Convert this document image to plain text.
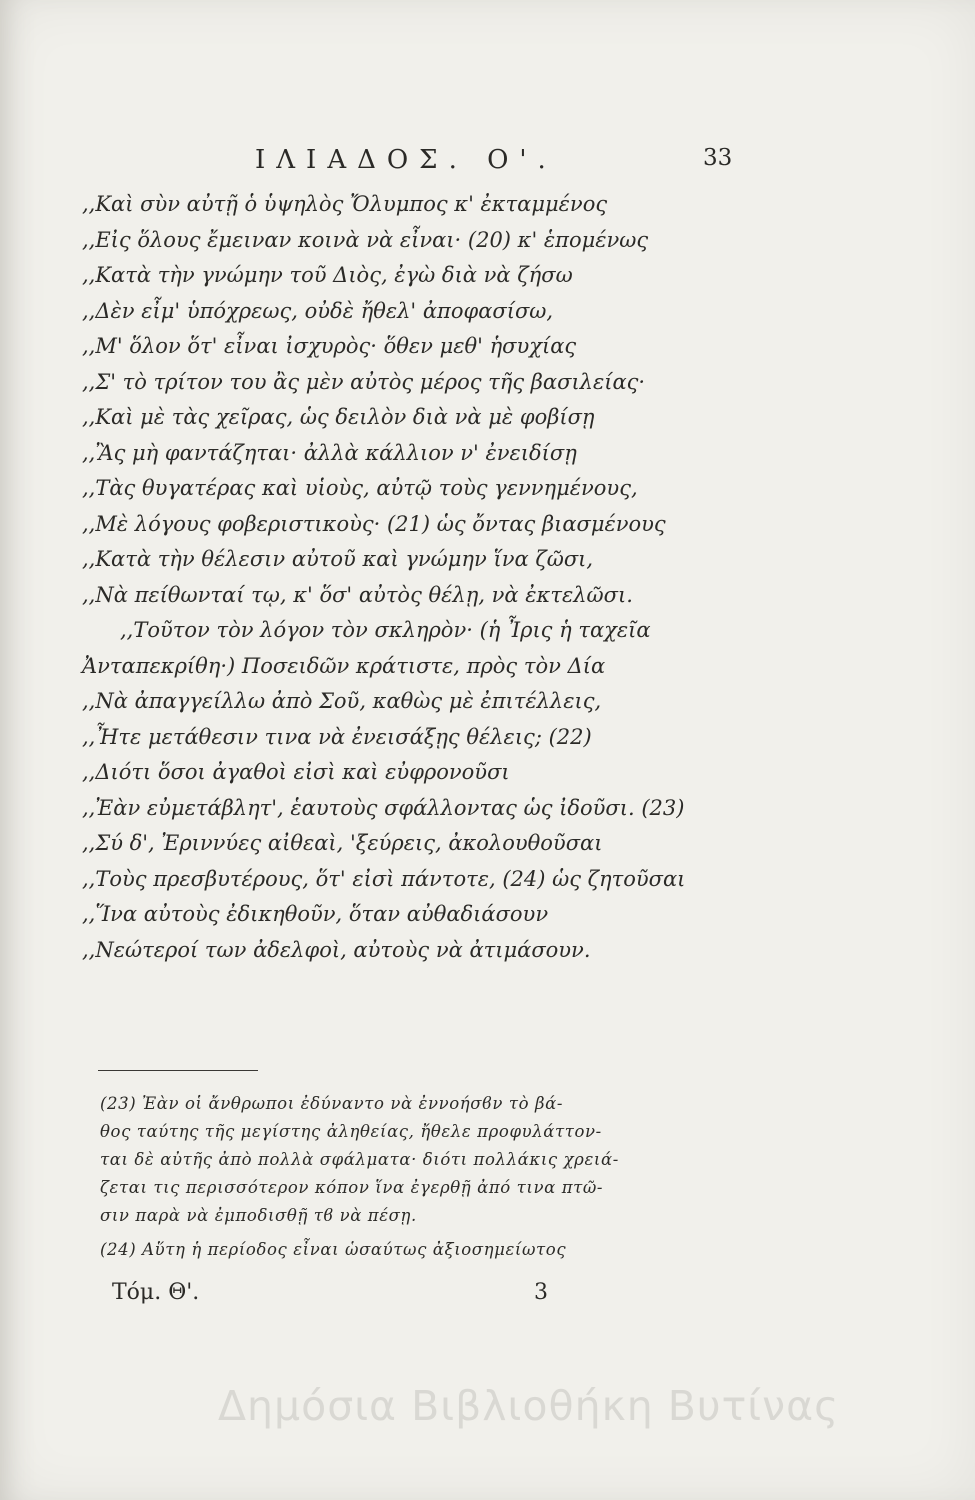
ΙΛΙΑΔΟΣ. Ο'.	33
,,Καὶ σὺν αὐτῇ ὁ ὑψηλὸς Ὄλυμπος κ' ἐκταμμένος
,,Εἰς ὅλους ἔμειναν κοινὰ νὰ εἶναι· (20) κ' ἑπομένως
,,Κατὰ τὴν γνώμην τοῦ Διὸς, ἐγὼ διὰ νὰ ζήσω
,,Δὲν εἶμ' ὑπόχρεως, οὐδὲ ἤθελ' ἀποφασίσω,
,,Μ' ὅλον ὅτ' εἶναι ἰσχυρὸς· ὅθεν μεθ' ἡσυχίας
,,Σ' τὸ τρίτον του ἂς μὲν αὐτὸς μέρος τῆς βασιλείας·
,,Καὶ μὲ τὰς χεῖρας, ὡς δειλὸν διὰ νὰ μὲ φοβίσῃ
,,Ἂς μὴ φαντάζηται· ἀλλὰ κάλλιον ν' ἐνειδίσῃ
,,Τὰς θυγατέρας καὶ υἱοὺς, αὐτῷ τοὺς γεννημένους,
,,Μὲ λόγους φοβεριστικοὺς· (21) ὡς ὄντας βιασμένους
,,Κατὰ τὴν θέλεσιν αὐτοῦ καὶ γνώμην ἵνα ζῶσι,
,,Νὰ πείθωνταί τῳ, κ' ὅσ' αὐτὸς θέλῃ, νὰ ἐκτελῶσι.
,,Τοῦτον τὸν λόγον τὸν σκληρὸν· (ἡ Ἶρις ἡ ταχεῖα
Ἀνταπεκρίθη·) Ποσειδῶν κράτιστε, πρὸς τὸν Δία
,,Νὰ ἀπαγγείλλω ἀπὸ Σοῦ, καθὼς μὲ ἐπιτέλλεις,
,,Ἦτε μετάθεσιν τινα νὰ ἐνεισάξῃς θέλεις; (22)
,,Διότι ὅσοι ἀγαθοὶ εἰσὶ καὶ εὐφρονοῦσι
,,Ἐὰν εὐμετάβλητ', ἑαυτοὺς σφάλλοντας ὡς ἰδοῦσι. (23)
,,Σύ δ', Ἐριννύες αἰθεαὶ, 'ξεύρεις, ἀκολουθοῦσαι
,,Τοὺς πρεσβυτέρους, ὅτ' εἰσὶ πάντοτε, (24) ὡς ζητοῦσαι
,,Ἵνα αὐτοὺς ἐδικηθοῦν, ὅταν αὐθαδιάσουν
,,Νεώτεροί των ἀδελφοὶ, αὐτοὺς νὰ ἀτιμάσουν.
(23) Ἐὰν οἱ ἄνθρωποι ἐδύναντο νὰ ἐννοήσϐν τὸ βά-
θος ταύτης τῆς μεγίστης ἀληθείας, ἤθελε προφυλάττον-
ται δὲ αὐτῆς ἀπὸ πολλὰ σφάλματα· διότι πολλάκις χρειά-
ζεται τις περισσότερον κόπον ἵνα ἐγερθῇ ἀπό τινα πτῶ-
σιν παρὰ νὰ ἐμποδισθῇ τϐ νὰ πέσῃ.
(24) Αὕτη ἡ περίοδος εἶναι ὡσαύτως ἀξιοσημείωτος
Τόμ. Θ'.	3
Δημόσια Βιβλιοθήκη Βυτίνας
